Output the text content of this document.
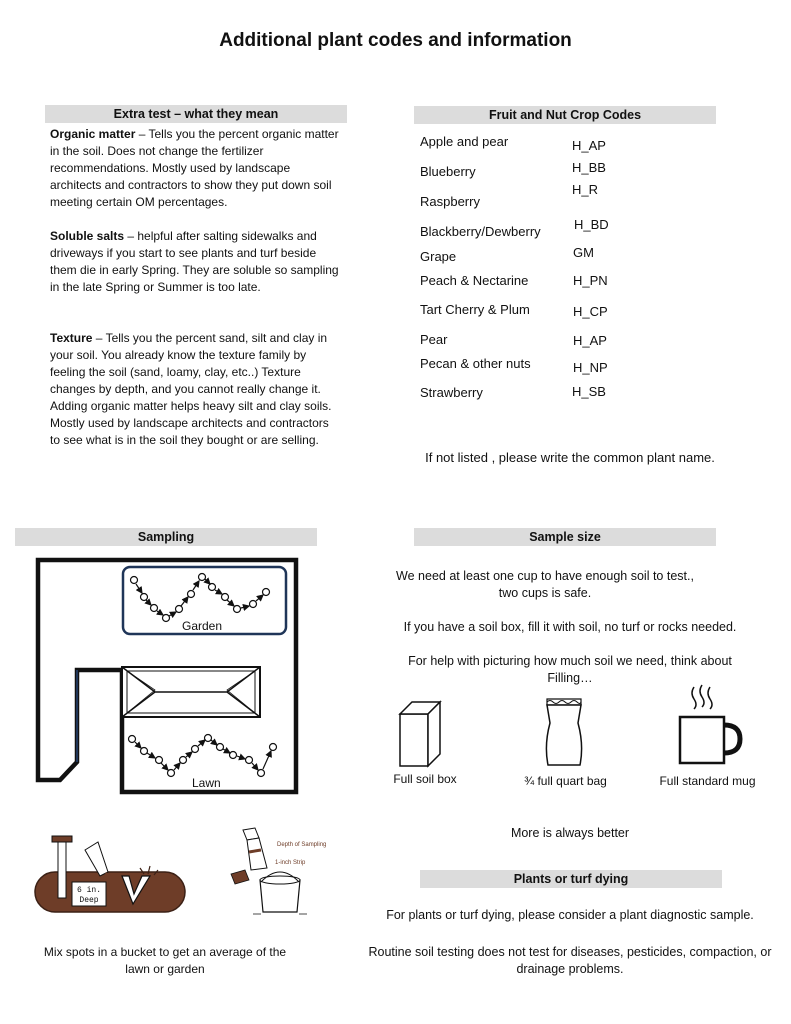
Additional plant codes and information
Extra test – what they mean
Organic matter – Tells you the percent organic matter in the soil. Does not change the fertilizer recommendations. Mostly used by landscape architects and contractors to show they put down soil meeting certain OM percentages.
Soluble salts – helpful after salting sidewalks and driveways if you start to see plants and turf beside them die in early Spring. They are soluble so sampling in the late Spring or Summer is too late.
Texture – Tells you the percent sand, silt and clay in your soil. You already know the texture family by feeling the soil (sand, loamy, clay, etc..) Texture changes by depth, and you cannot really change it. Adding organic matter helps heavy silt and clay soils. Mostly used by landscape architects and contractors to see what is in the soil they bought or are selling.
Fruit and Nut Crop Codes
Apple and pear
Blueberry
Raspberry
Blackberry/Dewberry
Grape
Peach & Nectarine
Tart Cherry & Plum
Pear
Pecan & other nuts
Strawberry
H_AP
H_BB
H_R
H_BD
GM
H_PN
H_CP
H_AP
H_NP
H_SB
If not listed , please write the common plant name.
Sampling
Garden
Lawn
6 in.
Deep
Depth of Sampling
1-inch Strip
Mix spots in a bucket to get an average of the lawn or garden
Sample size
We need at least one cup to have enough soil to test., two cups is safe.
If you have a soil box, fill it with soil, no turf or rocks needed.
For help with picturing how much soil we need, think about Filling…
Full soil box	¾ full quart bag	Full standard mug
More is always better
Plants or turf dying
For plants or turf dying, please consider a plant diagnostic sample.
Routine soil testing does not test for diseases, pesticides, compaction, or drainage problems.
